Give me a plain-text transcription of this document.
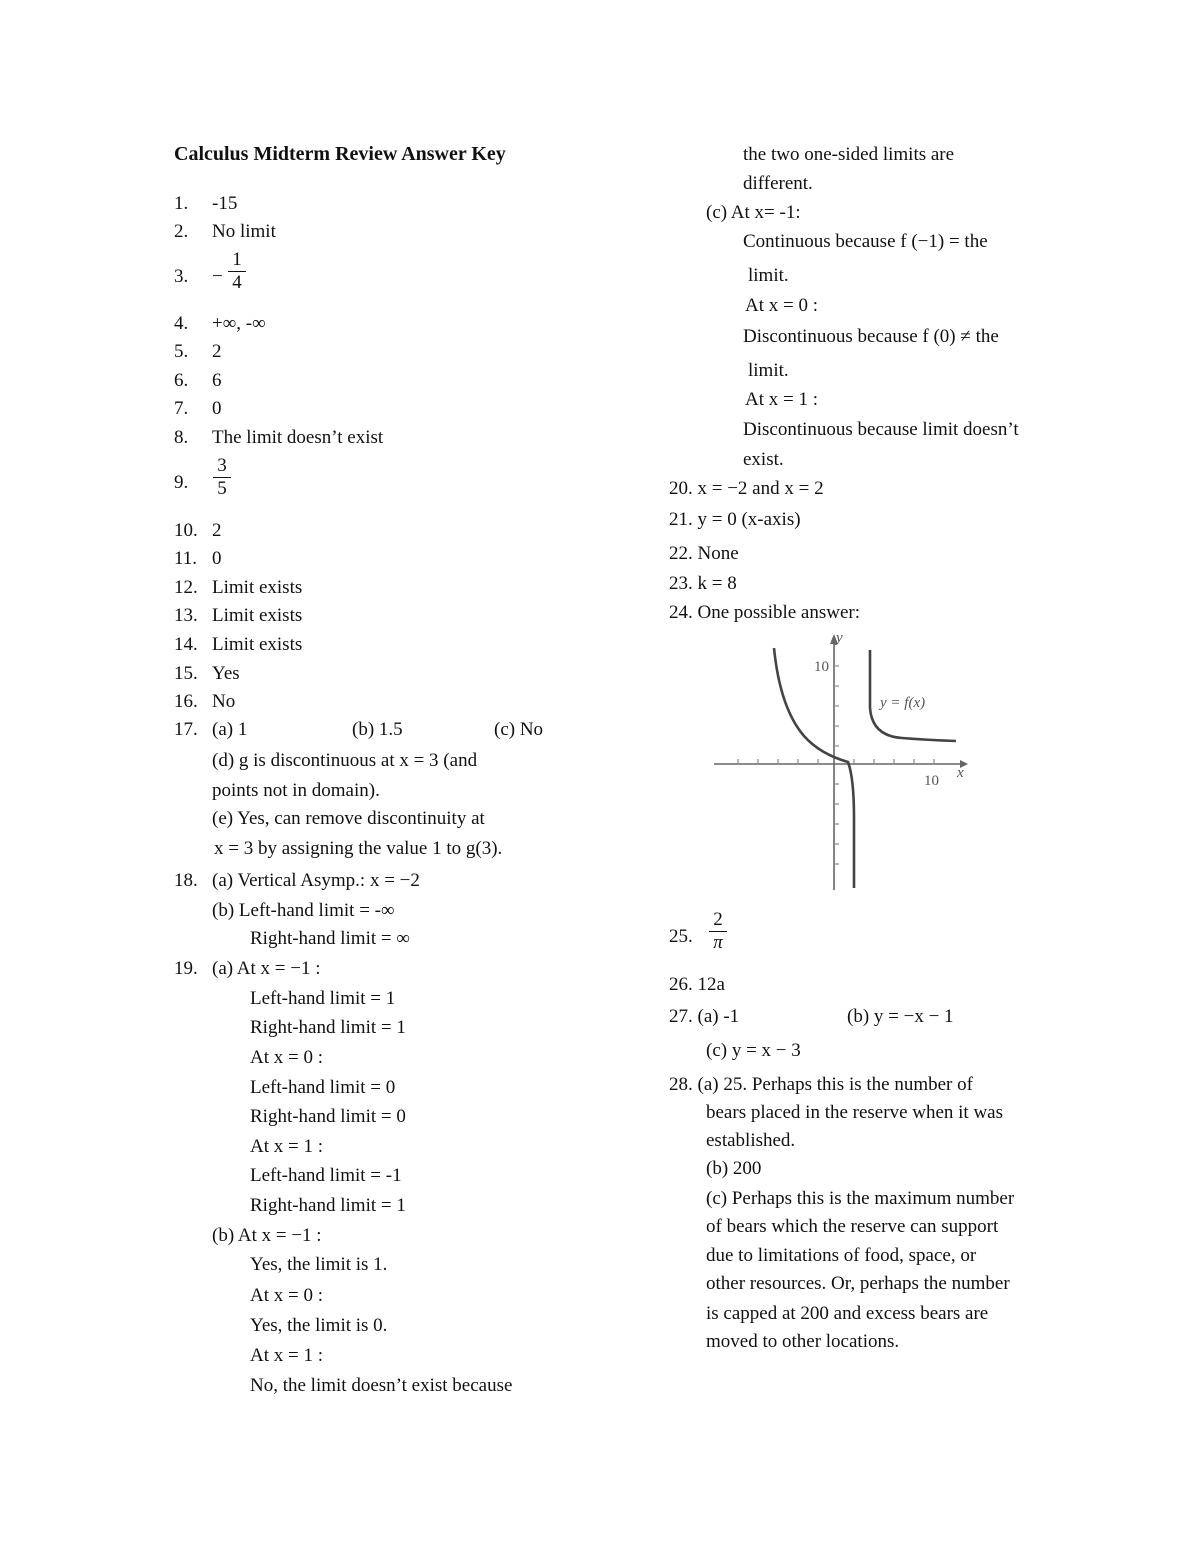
Calculus Midterm Review Answer Key
1. -15
2. No limit
3. −
1
4
4. +∞, -∞
5. 2
6. 6
7. 0
8. The limit doesn’t exist
9.
3
5
10. 2
11. 0
12. Limit exists
13. Limit exists
14. Limit exists
15. Yes
16. No
17. (a) 1	(b) 1.5	(c) No
(d) g is discontinuous at x = 3 (and
points not in domain).
(e) Yes, can remove discontinuity at
x = 3 by assigning the value 1 to g(3).
18. (a) Vertical Asymp.: x = −2
(b) Left-hand limit = -∞
Right-hand limit = ∞
19. (a) At x = −1 :
Left-hand limit = 1
Right-hand limit = 1
At x = 0 :
Left-hand limit = 0
Right-hand limit = 0
At x = 1 :
Left-hand limit = -1
Right-hand limit = 1
(b) At x = −1 :
Yes, the limit is 1.
At x = 0 :
Yes, the limit is 0.
At x = 1 :
No, the limit doesn’t exist because
the two one-sided limits are
different.
(c) At x= -1:
Continuous because f (−1) = the
limit.
At x = 0 :
Discontinuous because f (0) ≠ the
limit.
At x = 1 :
Discontinuous because limit doesn’t
exist.
20. x = −2 and x = 2
21. y = 0 (x-axis)
22. None
23. k = 8
24. One possible answer:
y
x
10
10
y = f(x)
25.
2
π
26. 12a
27. (a) -1	(b) y = −x − 1
(c) y = x − 3
28. (a) 25. Perhaps this is the number of
bears placed in the reserve when it was
established.
(b) 200
(c) Perhaps this is the maximum number
of bears which the reserve can support
due to limitations of food, space, or
other resources. Or, perhaps the number
is capped at 200 and excess bears are
moved to other locations.
